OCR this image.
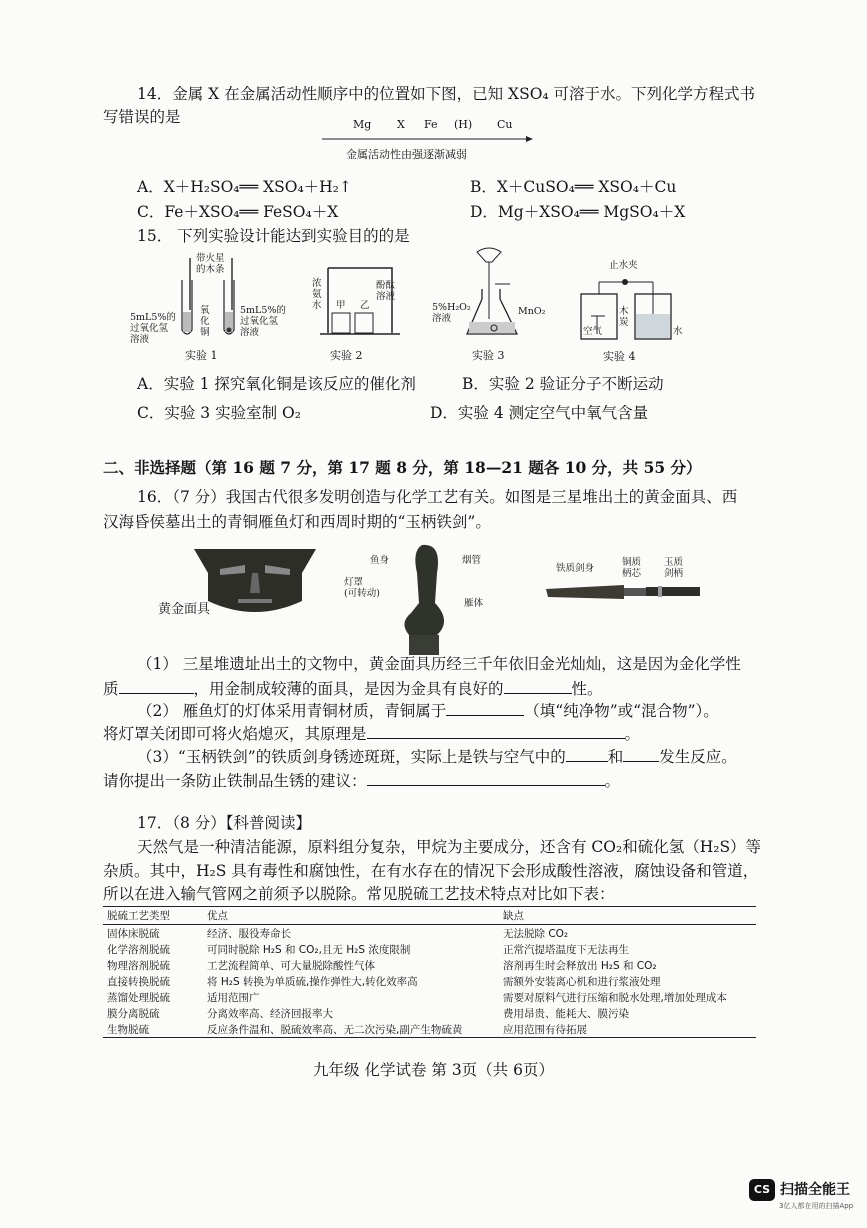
14．金属 X 在金属活动性顺序中的位置如下图，已知 XSO₄ 可溶于水。下列化学方程式书
写错误的是	Mg X Fe (H) Cu
金属活动性由强逐渐减弱
A．X＋H₂SO₄══ XSO₄＋H₂↑	B．X＋CuSO₄══ XSO₄＋Cu
C．Fe＋XSO₄══ FeSO₄＋X	D．Mg＋XSO₄══ MgSO₄＋X
15． 下列实验设计能达到实验目的的是
带火星
的木条
5mL5%的
过氧化氢
溶液
氧
化
铜
5mL5%的
过氧化氢
溶液
实验 1
浓
氨
水 甲 乙
酚酞
溶液
实验 2
5%H₂O₂
溶液
MnO₂
实验 3
止水夹
空气
木
炭
水
实验 4
A．实验 1 探究氧化铜是该反应的催化剂	B．实验 2 验证分子不断运动
C．实验 3 实验室制 O₂	D．实验 4 测定空气中氧气含量
二、非选择题（第 16 题 7 分，第 17 题 8 分，第 18—21 题各 10 分，共 55 分）
16．（7 分）我国古代很多发明创造与化学工艺有关。如图是三星堆出土的黄金面具、西
汉海昏侯墓出土的青铜雁鱼灯和西周时期的“玉柄铁剑”。
黄金面具
鱼身
灯罩
(可转动)
烟管
雁体
铁质剑身
铜质
柄芯
玉质
剑柄
（1） 三星堆遗址出土的文物中，黄金面具历经三千年依旧金光灿灿，这是因为金化学性
质	，用金制成较薄的面具，是因为金具有良好的	性。
（2） 雁鱼灯的灯体采用青铜材质，青铜属于	（填“纯净物”或“混合物”）。
将灯罩关闭即可将火焰熄灭，其原理是	。
（3）“玉柄铁剑”的铁质剑身锈迹斑斑，实际上是铁与空气中的	和 发生反应。
请你提出一条防止铁制品生锈的建议：	。
17．（8 分）【科普阅读】
天然气是一种清洁能源，原料组分复杂，甲烷为主要成分，还含有 CO₂和硫化氢（H₂S）等
杂质。其中，H₂S 具有毒性和腐蚀性，在有水存在的情况下会形成酸性溶液，腐蚀设备和管道，
所以在进入输气管网之前须予以脱除。常见脱硫工艺技术特点对比如下表：
脱硫工艺类型	优点	缺点
固体床脱硫	经济、服役寿命长	无法脱除 CO₂
化学溶剂脱硫	可同时脱除 H₂S 和 CO₂,且无 H₂S 浓度限制	正常汽提塔温度下无法再生
物理溶剂脱硫	工艺流程简单、可大量脱除酸性气体	溶剂再生时会释放出 H₂S 和 CO₂
直接转换脱硫	将 H₂S 转换为单质硫,操作弹性大,转化效率高	需额外安装离心机和进行浆液处理
蒸馏处理脱硫	适用范围广	需要对原料气进行压缩和脱水处理,增加处理成本
膜分离脱硫	分离效率高、经济回报率大	费用昂贵、能耗大、膜污染
生物脱硫	反应条件温和、脱硫效率高、无二次污染,副产生物硫黄	应用范围有待拓展
九年级 化学试卷 第 3页（共 6页）
CS 扫描全能王
3亿人都在用的扫描App
